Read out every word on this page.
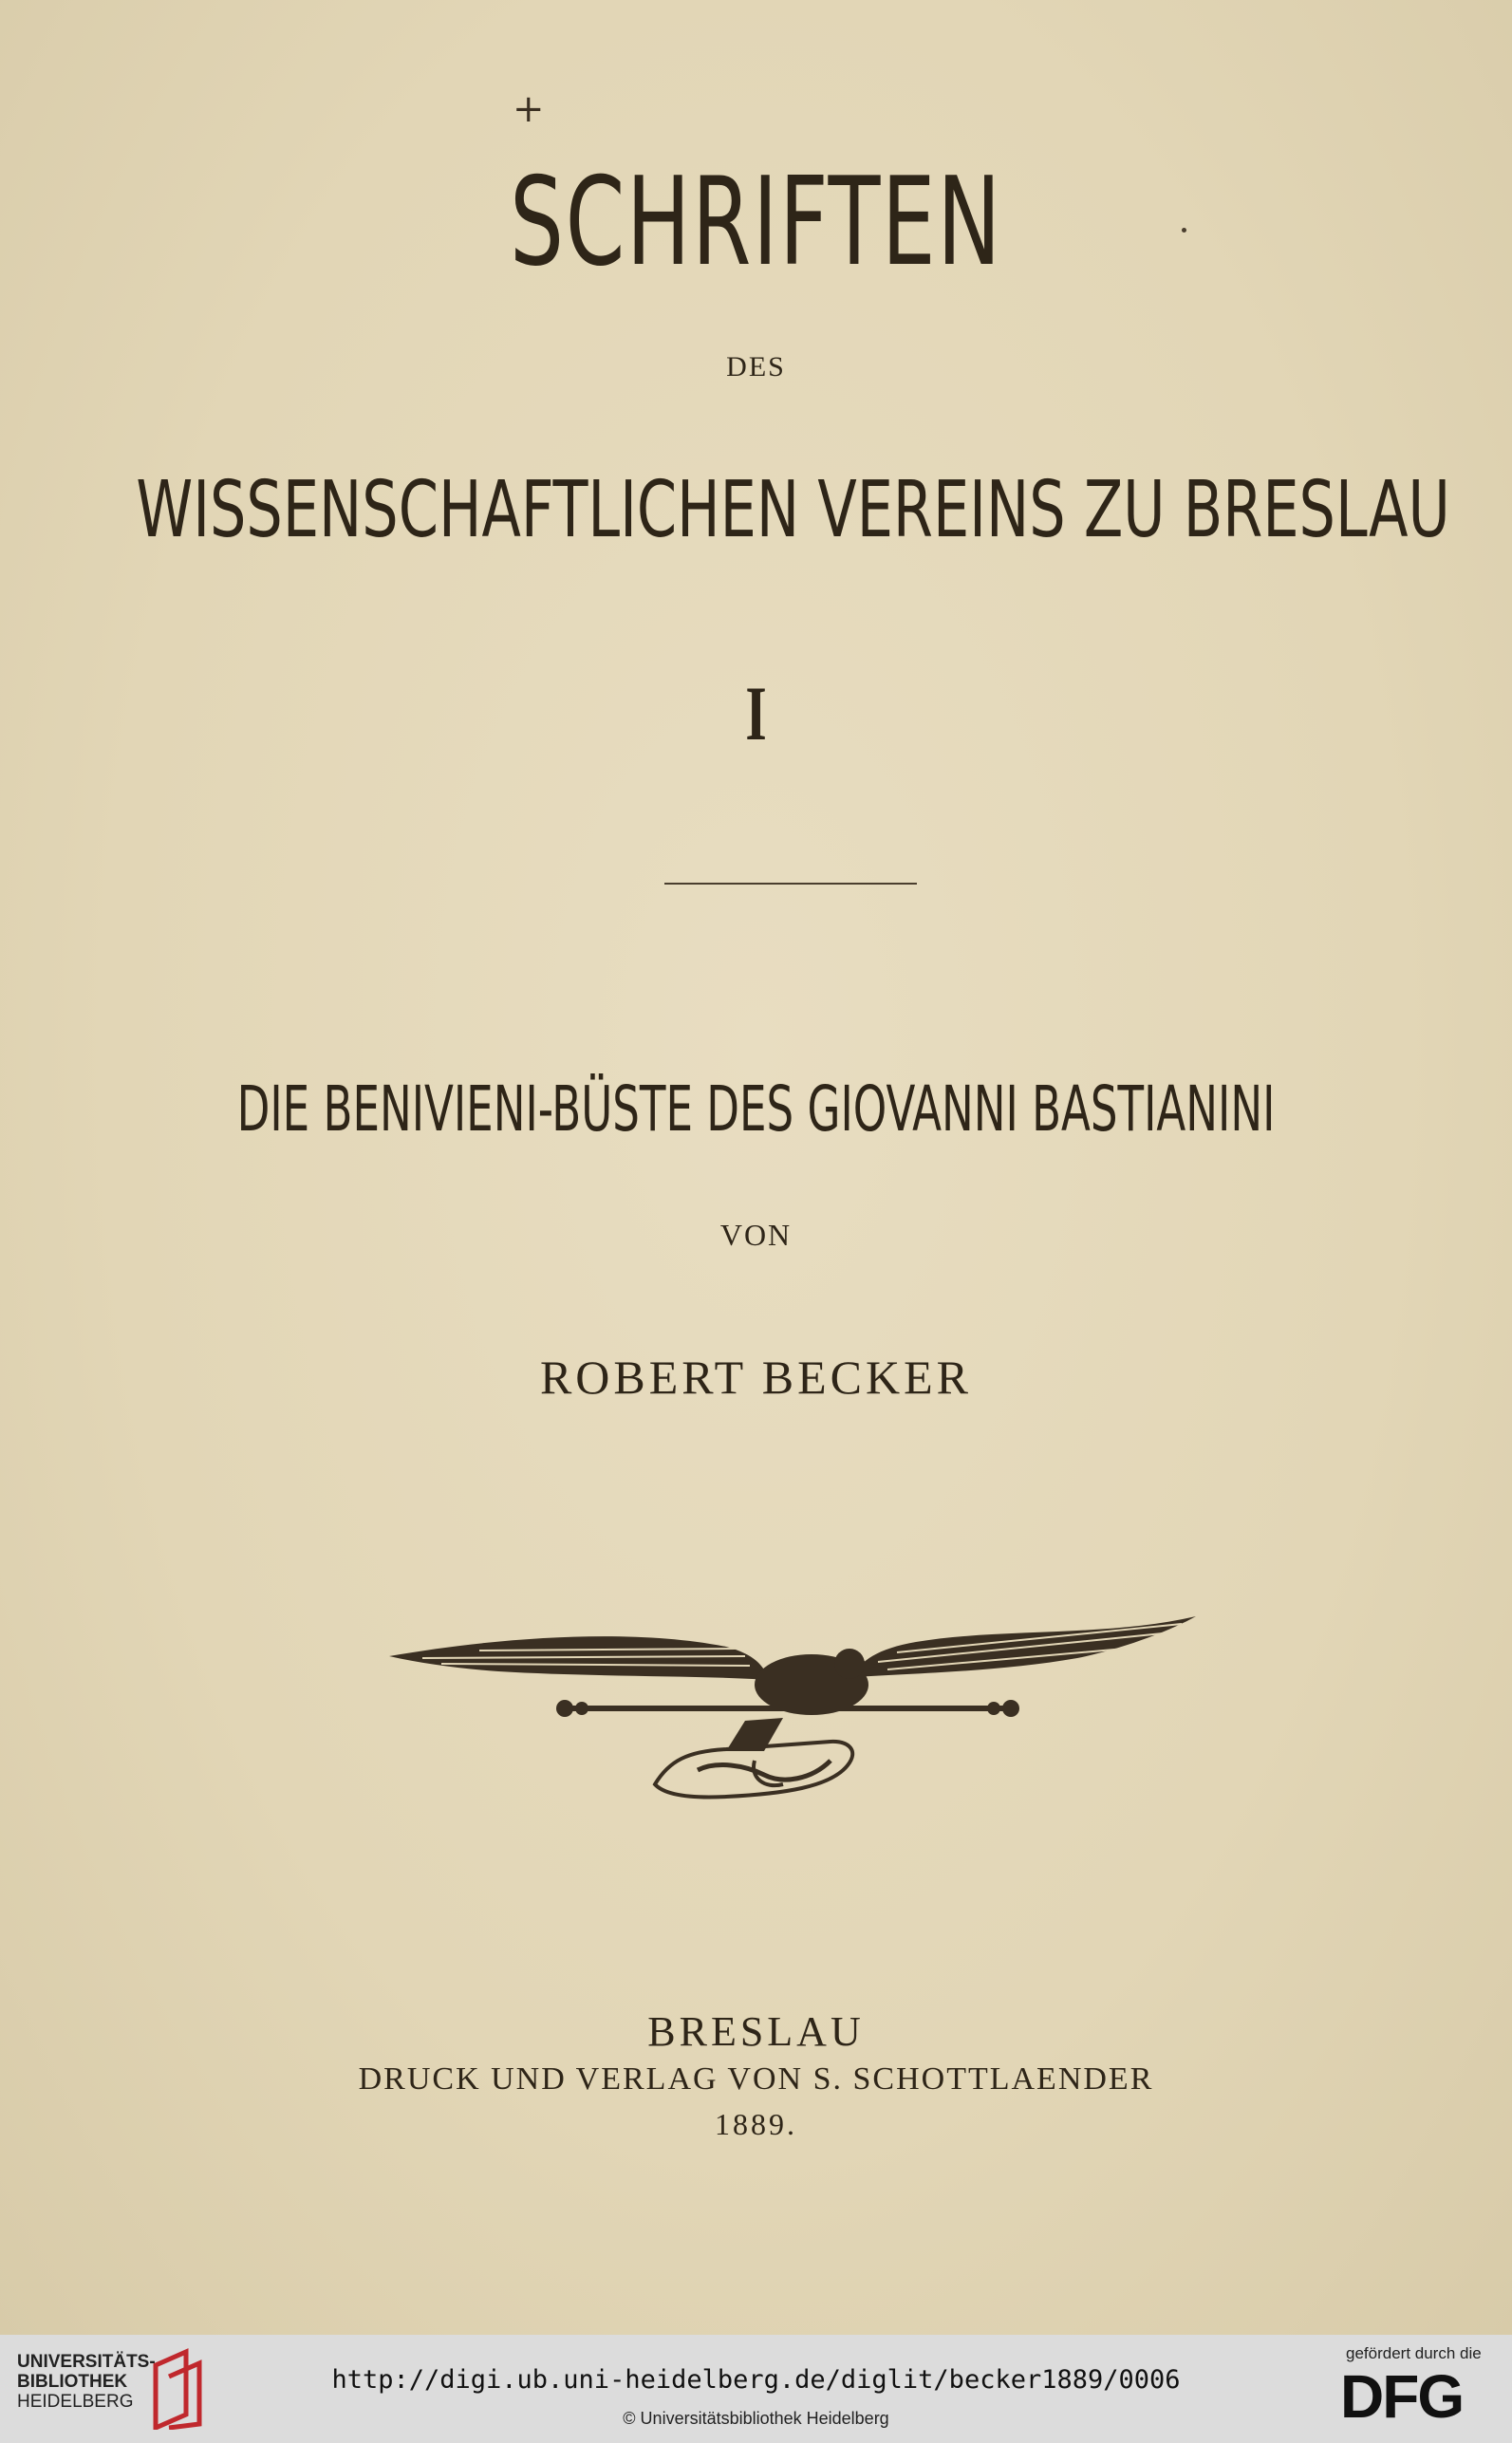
+
SCHRIFTEN
DES
WISSENSCHAFTLICHEN VEREINS ZU BRESLAU
I
DIE BENIVIENI-BÜSTE DES GIOVANNI BASTIANINI
VON
ROBERT BECKER
BRESLAU
DRUCK UND VERLAG VON S. SCHOTTLAENDER
1889.
UNIVERSITÄTS-
BIBLIOTHEK
HEIDELBERG
http://digi.ub.uni-heidelberg.de/diglit/becker1889/0006
© Universitätsbibliothek Heidelberg
gefördert durch die
DFG
